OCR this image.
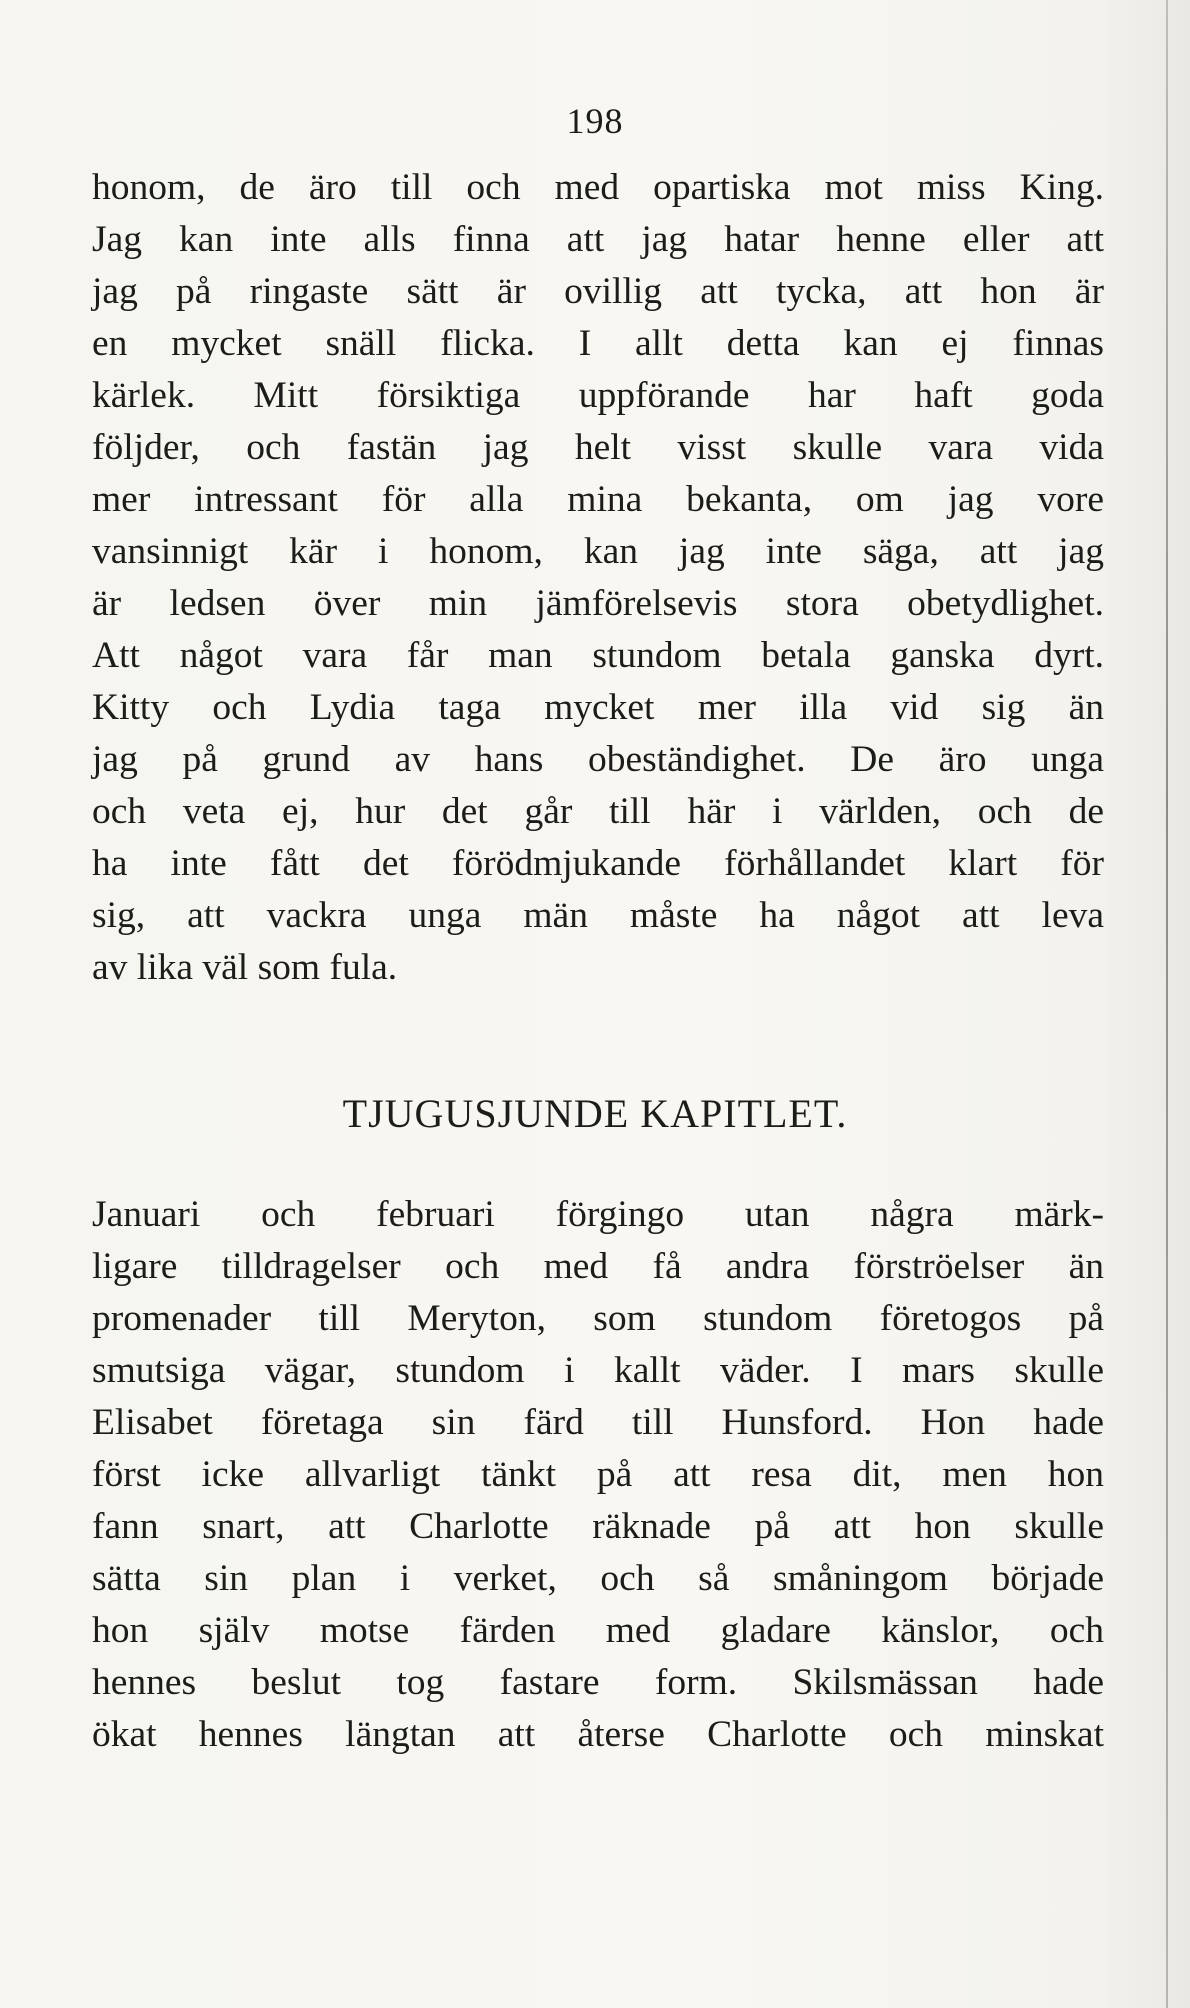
198
honom, de äro till och med opartiska mot miss King.
Jag kan inte alls finna att jag hatar henne eller att
jag på ringaste sätt är ovillig att tycka, att hon är
en mycket snäll flicka. I allt detta kan ej finnas
kärlek. Mitt försiktiga uppförande har haft goda
följder, och fastän jag helt visst skulle vara vida
mer intressant för alla mina bekanta, om jag vore
vansinnigt kär i honom, kan jag inte säga, att jag
är ledsen över min jämförelsevis stora obetydlighet.
Att något vara får man stundom betala ganska dyrt.
Kitty och Lydia taga mycket mer illa vid sig än
jag på grund av hans obeständighet. De äro unga
och veta ej, hur det går till här i världen, och de
ha inte fått det förödmjukande förhållandet klart för
sig, att vackra unga män måste ha något att leva
av lika väl som fula.
TJUGUSJUNDE KAPITLET.
Januari och februari förgingo utan några märk-
ligare tilldragelser och med få andra förströelser än
promenader till Meryton, som stundom företogos på
smutsiga vägar, stundom i kallt väder. I mars skulle
Elisabet företaga sin färd till Hunsford. Hon hade
först icke allvarligt tänkt på att resa dit, men hon
fann snart, att Charlotte räknade på att hon skulle
sätta sin plan i verket, och så småningom började
hon själv motse färden med gladare känslor, och
hennes beslut tog fastare form. Skilsmässan hade
ökat hennes längtan att återse Charlotte och minskat
